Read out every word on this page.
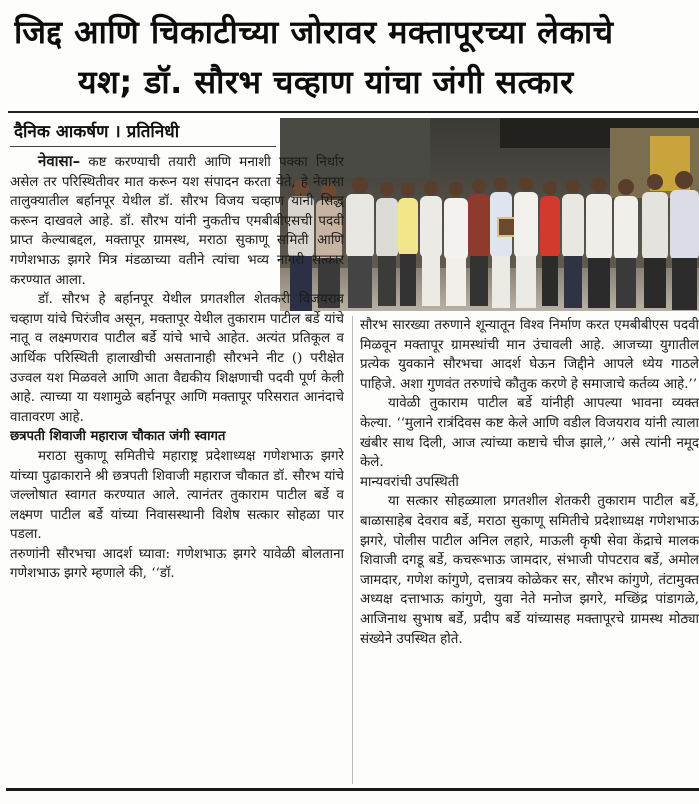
जिद्द आणि चिकाटीच्या जोरावर मक्तापूरच्या लेकाचे
यश; डॉ. सौरभ चव्हाण यांचा जंगी सत्कार
दैनिक आकर्षण । प्रतिनिधी

नेवासा– कष्ट करण्याची तयारी आणि मनाशी पक्का निर्धार असेल तर परिस्थितीवर मात करून यश संपादन करता येते, हे नेवासा तालुक्यातील बर्हानपूर येथील डॉ. सौरभ विजय चव्हाण यांनी सिद्ध करून दाखवले आहे. डॉ. सौरभ यांनी नुकतीच एमबीबीएसची पदवी प्राप्त केल्याबद्दल, मक्तापूर ग्रामस्थ, मराठा सुकाणू समिती आणि गणेशभाऊ झगरे मित्र मंडळाच्या वतीने त्यांचा भव्य नागरी सत्कार करण्यात आला.

डॉ. सौरभ हे बर्हानपूर येथील प्रगतशील शेतकरी विजयराव चव्हाण यांचे चिरंजीव असून, मक्तापूर येथील तुकाराम पाटील बर्डे यांचे नातू व लक्ष्मणराव पाटील बर्डे यांचे भाचे आहेत. अत्यंत प्रतिकूल व आर्थिक परिस्थिती हालाखीची असतानाही सौरभने नीट () परीक्षेत उज्वल यश मिळवले आणि आता वैद्यकीय शिक्षणाची पदवी पूर्ण केली आहे. त्याच्या या यशामुळे बर्हानपूर आणि मक्तापूर परिसरात आनंदाचे वातावरण आहे.

छत्रपती शिवाजी महाराज चौकात जंगी स्वागत

मराठा सुकाणू समितीचे महाराष्ट्र प्रदेशाध्यक्ष गणेशभाऊ झगरे यांच्या पुढाकाराने श्री छत्रपती शिवाजी महाराज चौकात डॉ. सौरभ यांचे जल्लोषात स्वागत करण्यात आले. त्यानंतर तुकाराम पाटील बर्डे व लक्ष्मण पाटील बर्डे यांच्या निवासस्थानी विशेष सत्कार सोहळा पार पडला.

तरुणांनी सौरभचा आदर्श घ्यावा: गणेशभाऊ झगरे यावेळी बोलताना गणेशभाऊ झगरे म्हणाले की, ‘‘डॉ.

सौरभ सारख्या तरुणाने शून्यातून विश्व निर्माण करत एमबीबीएस पदवी मिळवून मक्तापूर ग्रामस्थांची मान उंचावली आहे. आजच्या युगातील प्रत्येक युवकाने सौरभचा आदर्श घेऊन जिद्दीने आपले ध्येय गाठले पाहिजे. अशा गुणवंत तरुणांचे कौतुक करणे हे समाजाचे कर्तव्य आहे.’’

यावेळी तुकाराम पाटील बर्डे यांनीही आपल्या भावना व्यक्त केल्या. ‘‘मुलाने रात्रंदिवस कष्ट केले आणि वडील विजयराव यांनी त्याला खंबीर साथ दिली, आज त्यांच्या कष्टाचे चीज झाले,’’ असे त्यांनी नमूद केले.

मान्यवरांची उपस्थिती

या सत्कार सोहळ्याला प्रगतशील शेतकरी तुकाराम पाटील बर्डे, बाळासाहेब देवराव बर्डे, मराठा सुकाणू समितीचे प्रदेशाध्यक्ष गणेशभाऊ झगरे, पोलीस पाटील अनिल लहारे, माऊली कृषी सेवा केंद्राचे मालक शिवाजी दगडू बर्डे, कचरूभाऊ जामदार, संभाजी पोपटराव बर्डे, अमोल जामदार, गणेश कांगुणे, दत्तात्रय कोळेकर सर, सौरभ कांगुणे, तंटामुक्त अध्यक्ष दत्ताभाऊ कांगुणे, युवा नेते मनोज झगरे, मच्छिंद्र पांडागळे, आजिनाथ सुभाष बर्डे, प्रदीप बर्डे यांच्यासह मक्तापूरचे ग्रामस्थ मोठ्या संख्येने उपस्थित होते.
